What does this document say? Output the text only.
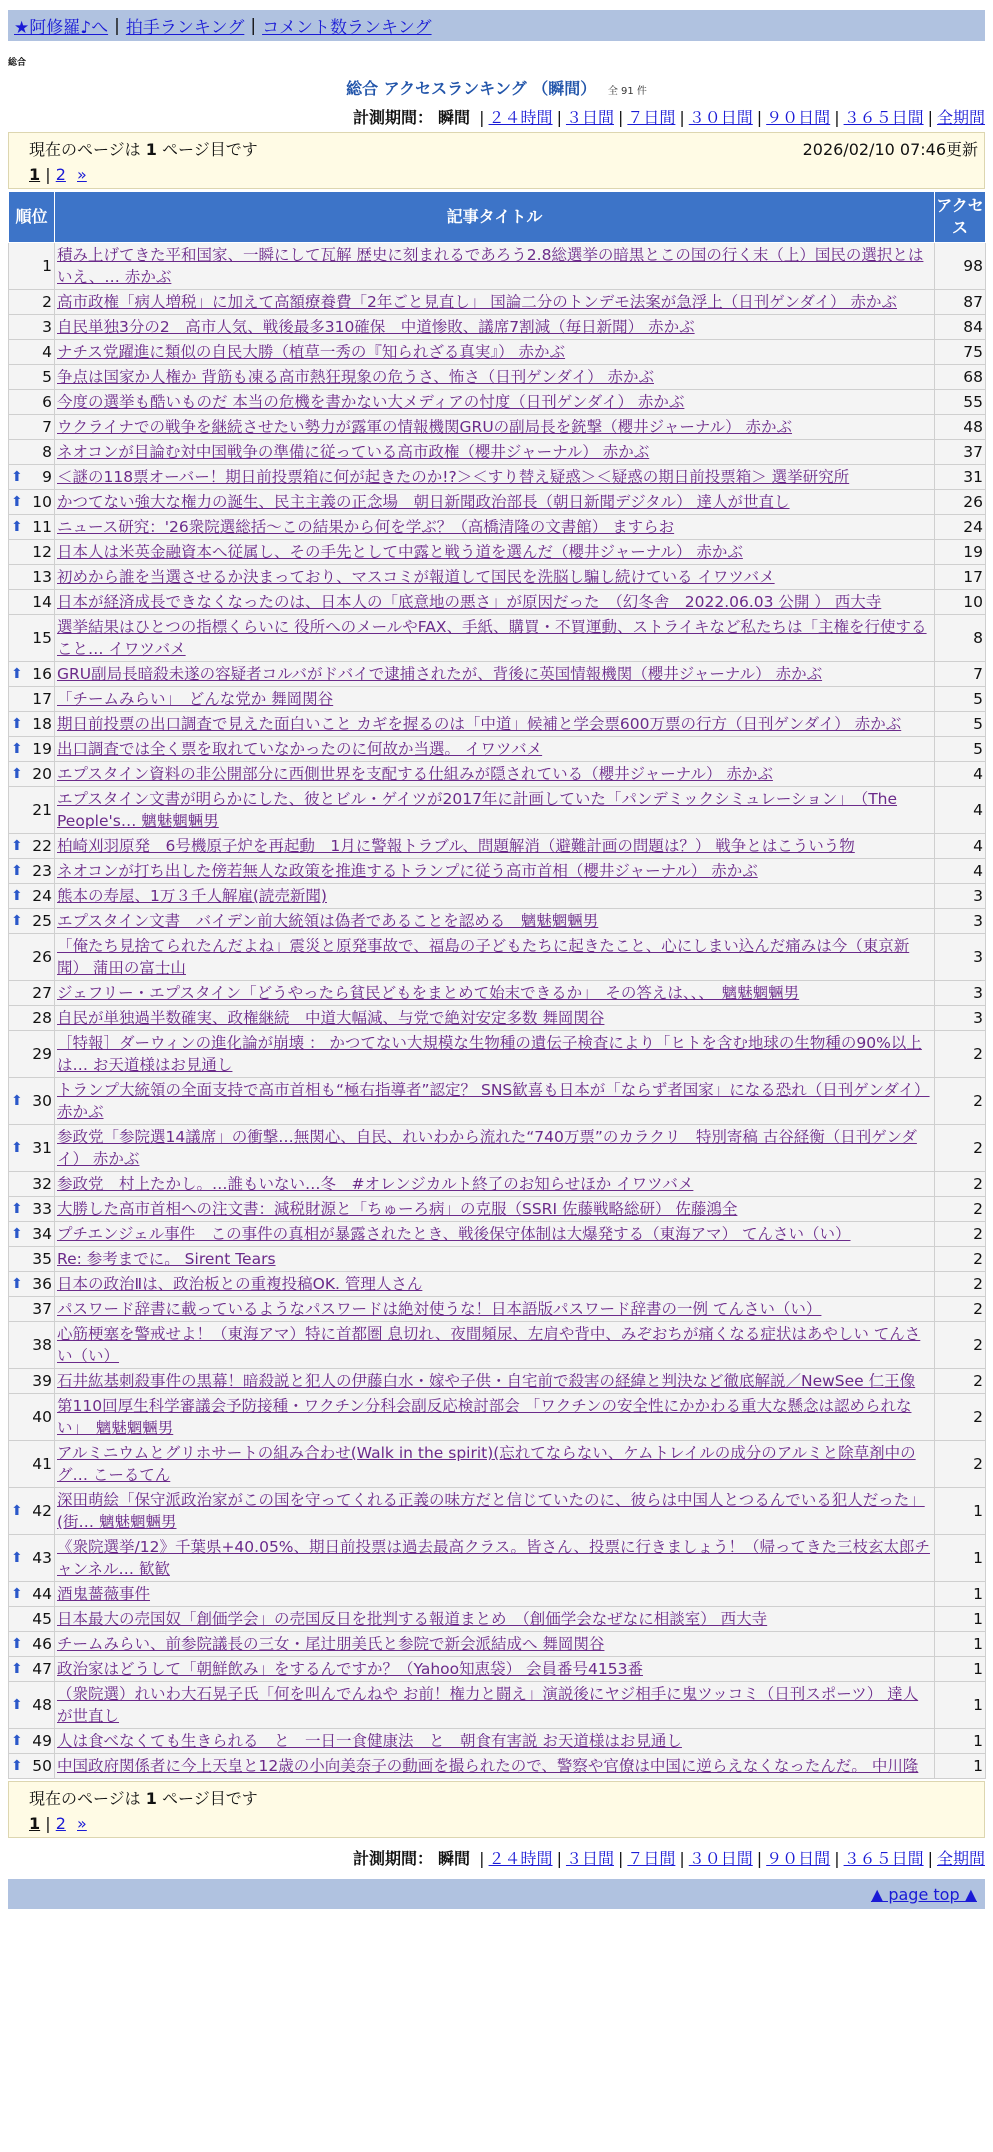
★阿修羅♪へ | 拍手ランキング | コメント数ランキング
総合
総合 アクセスランキング （瞬間） 全 91 件
計測期間： 瞬間 | ２４時間 | ３日間 | ７日間 | ３０日間 | ９０日間 | ３６５日間 | 全期間
現在のページは 1 ページ目です	2026/02/10 07:46更新
1 | 2 »
順位	記事タイトル	アクセス
1	積み上げてきた平和国家、一瞬にして瓦解 歴史に刻まれるであろう2.8総選挙の暗黒とこの国の行く末（上）国民の選択とはいえ、… 赤かぶ	98
2	高市政権「病人増税」に加えて高額療養費「2年ごと見直し」 国論二分のトンデモ法案が急浮上（日刊ゲンダイ） 赤かぶ	87
3	自民単独3分の2　高市人気、戦後最多310確保　中道惨敗、議席7割減（毎日新聞） 赤かぶ	84
4	ナチス党躍進に類似の自民大勝（植草一秀の『知られざる真実』） 赤かぶ	75
5	争点は国家か人権か 背筋も凍る高市熱狂現象の危うさ、怖さ（日刊ゲンダイ） 赤かぶ	68
6	今度の選挙も酷いものだ 本当の危機を書かない大メディアの忖度（日刊ゲンダイ） 赤かぶ	55
7	ウクライナでの戦争を継続させたい勢力が露軍の情報機関GRUの副局長を銃撃（櫻井ジャーナル） 赤かぶ	48
8	ネオコンが目論む対中国戦争の準備に従っている高市政権（櫻井ジャーナル） 赤かぶ	37

⬆ 9	＜謎の118票オーバー！期日前投票箱に何が起きたのか!?＞＜すり替え疑惑＞＜疑惑の期日前投票箱＞ 選挙研究所	31

⬆ 10	かつてない強大な権力の誕生、民主主義の正念場　朝日新聞政治部長（朝日新聞デジタル） 達人が世直し	26

⬆ 11	ニュース研究：'26衆院選総括～この結果から何を学ぶ？（高橋清隆の文書館） ますらお	24
12	日本人は米英金融資本へ従属し、その手先として中露と戦う道を選んだ（櫻井ジャーナル） 赤かぶ	19
13	初めから誰を当選させるか決まっており、マスコミが報道して国民を洗脳し騙し続けている イワツバメ	17
14	日本が経済成長できなくなったのは、日本人の「底意地の悪さ」が原因だった　（幻冬舎　2022.06.03 公開 ） 西大寺	10
15	選挙結果はひとつの指標くらいに 役所へのメールやFAX、手紙、購買・不買運動、ストライキなど私たちは「主権を行使すること… イワツバメ	8

⬆ 16	GRU副局長暗殺未遂の容疑者コルバがドバイで逮捕されたが、背後に英国情報機関（櫻井ジャーナル） 赤かぶ	7
17	「チームみらい」　どんな党か 舞岡関谷	5

⬆ 18	期日前投票の出口調査で見えた面白いこと カギを握るのは「中道」候補と学会票600万票の行方（日刊ゲンダイ） 赤かぶ	5

⬆ 19	出口調査では全く票を取れていなかったのに何故か当選。 イワツバメ	5

⬆ 20	エプスタイン資料の非公開部分に西側世界を支配する仕組みが隠されている（櫻井ジャーナル） 赤かぶ	4
21	エプスタイン文書が明らかにした、彼とビル・ゲイツが2017年に計画していた「パンデミックシミュレーション」　（The People's… 魑魅魍魎男	4

⬆ 22	柏崎刈羽原発　6号機原子炉を再起動　1月に警報トラブル、問題解消（避難計画の問題は？） 戦争とはこういう物	4

⬆ 23	ネオコンが打ち出した傍若無人な政策を推進するトランプに従う高市首相（櫻井ジャーナル） 赤かぶ	4

⬆ 24	熊本の寿屋、1万３千人解雇(読売新聞)	3

⬆ 25	エプスタイン文書　バイデン前大統領は偽者であることを認める　魑魅魍魎男	3
26	「俺たち見捨てられたんだよね」震災と原発事故で、福島の子どもたちに起きたこと、心にしまい込んだ痛みは今（東京新聞） 蒲田の富士山	3
27	ジェフリー・エプスタイン「どうやったら貧民どもをまとめて始末できるか」　その答えは、、、　魑魅魍魎男	3
28	自民が単独過半数確実、政権継続　中道大幅減、与党で絶対安定多数 舞岡関谷	3
29	［特報］ダーウィンの進化論が崩壊 ： かつてない大規模な生物種の遺伝子検査により「ヒトを含む地球の生物種の90%以上は… お天道様はお見通し	2

⬆ 30	トランプ大統領の全面支持で高市首相も“極右指導者”認定？ SNS歓喜も日本が「ならず者国家」になる恐れ（日刊ゲンダイ） 赤かぶ	2

⬆ 31	参政党「参院選14議席」の衝撃…無関心、自民、れいわから流れた“740万票”のカラクリ　特別寄稿 古谷経衡（日刊ゲンダイ） 赤かぶ	2
32	参政党　村上たかし。…誰もいない…冬　#オレンジカルト終了のお知らせほか イワツバメ	2

⬆ 33	大勝した高市首相への注文書：減税財源と「ちゅーろ病」の克服（SSRI 佐藤戦略総研） 佐藤鴻全	2

⬆ 34	プチエンジェル事件　この事件の真相が暴露されたとき、戦後保守体制は大爆発する（東海アマ） てんさい（い）	2
35	Re: 参考までに。 Sirent Tears	2

⬆ 36	日本の政治Ⅱは、政治板との重複投稿OK. 管理人さん	2
37	パスワード辞書に載っているようなパスワードは絶対使うな！日本語版パスワード辞書の一例 てんさい（い）	2
38	心筋梗塞を警戒せよ！（東海アマ）特に首都圏 息切れ、夜間頻尿、左肩や背中、みぞおちが痛くなる症状はあやしい てんさい（い）	2
39	石井紘基刺殺事件の黒幕！暗殺説と犯人の伊藤白水・嫁や子供・自宅前で殺害の経緯と判決など徹底解説／NewSee 仁王像	2
40	第110回厚生科学審議会予防接種・ワクチン分科会副反応検討部会 「ワクチンの安全性にかかわる重大な懸念は認められない」　魑魅魍魎男	2
41	アルミニウムとグリホサートの組み合わせ(Walk in the spirit)(忘れてならない、ケムトレイルの成分のアルミと除草剤中のグ… こーるてん	2

⬆ 42	深田萌絵「保守派政治家がこの国を守ってくれる正義の味方だと信じていたのに、彼らは中国人とつるんでいる犯人だった」(街… 魑魅魍魎男	1

⬆ 43	《衆院選挙/12》千葉県+40.05%、期日前投票は過去最高クラス。皆さん、投票に行きましょう！（帰ってきた三枝玄太郎チャンネル… 歓歓	1

⬆ 44	酒鬼薔薇事件	1
45	日本最大の売国奴「創価学会」の売国反日を批判する報道まとめ　（創価学会なぜなに相談室） 西大寺	1

⬆ 46	チームみらい、前参院議長の三女・尾辻朋美氏と参院で新会派結成へ 舞岡関谷	1

⬆ 47	政治家はどうして「朝鮮飲み」をするんですか？（Yahoo知恵袋） 会員番号4153番	1

⬆ 48	（衆院選）れいわ大石晃子氏「何を叫んでんねや お前！権力と闘え」演説後にヤジ相手に鬼ツッコミ（日刊スポーツ） 達人が世直し	1

⬆ 49	人は食べなくても生きられる　と　一日一食健康法　と　朝食有害説 お天道様はお見通し	1

⬆ 50	中国政府関係者に今上天皇と12歳の小向美奈子の動画を撮られたので、警察や官僚は中国に逆らえなくなったんだ。 中川隆	1
現在のページは 1 ページ目です
1 | 2 »
計測期間： 瞬間 | ２４時間 | ３日間 | ７日間 | ３０日間 | ９０日間 | ３６５日間 | 全期間
▲ page top ▲
